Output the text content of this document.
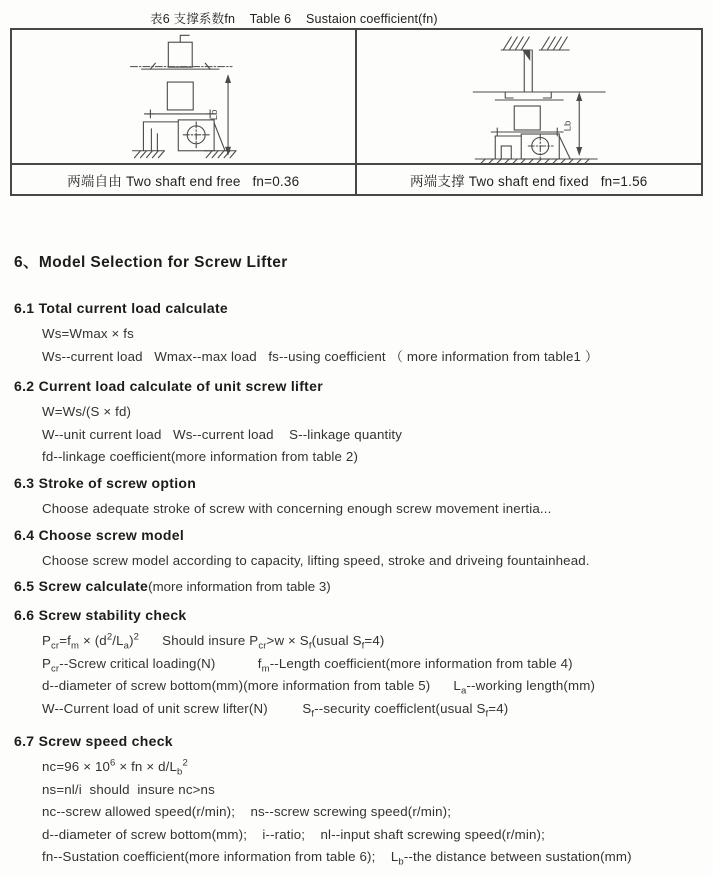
表6 支撑系数fn    Table 6    Sustaion coefficient(fn)
Lb
Lb
两端自由 Two shaft end free   fn=0.36	两端支撑 Two shaft end fixed   fn=1.56
6、Model Selection for Screw Lifter
6.1 Total current load calculate
Ws=Wmax × fs
Ws--current load   Wmax--max load   fs--using coefficient （ more information from table1 ）
6.2 Current load calculate of unit screw lifter
W=Ws/(S × fd)
W--unit current load   Ws--current load    S--linkage quantity
fd--linkage coefficient(more information from table 2)
6.3 Stroke of screw option
Choose adequate stroke of screw with concerning enough screw movement inertia...
6.4 Choose screw model
Choose screw model according to capacity, lifting speed, stroke and driveing fountainhead.
6.5 Screw calculate(more information from table 3)
6.6 Screw stability check
$P_{cr}=f_m \times (d^2/L_a)^2$      Should insure $P_{cr}>w$ × $S_f(usual$ $S_f=4$)
$P_{cr}-$-Screw critical loading(N)           $f_m-$-Length coefficient(more information from table 4)
d--diameter of screw bottom(mm)(more information from table 5)      $L_a-$-working length(mm)
W--Current load of unit screw lifter(N)         $S_f-$-security coefficlent(usual $S_f=4$)
6.7 Screw speed check
$nc=96 \times 10^6$ × fn × $d/L_b^2$
ns=nl/i  should  insure nc>ns
nc--screw allowed speed(r/min);    ns--screw screwing speed(r/min);
d--diameter of screw bottom(mm);    i--ratio;    nl--input shaft screwing speed(r/min);
fn--Sustation coefficient(more information from table 6);    $L_b-$-the distance between sustation(mm)
